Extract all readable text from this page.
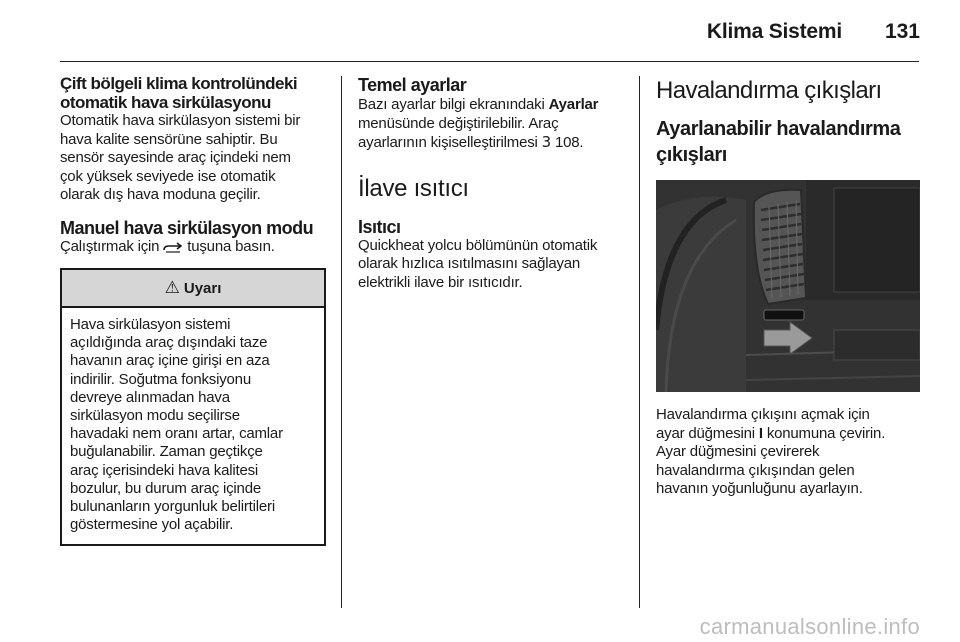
Klima Sistemi 131
Çift bölgeli klima kontrolündeki
otomatik hava sirkülasyonu

Otomatik hava sirkülasyon sistemi bir
hava kalite sensörüne sahiptir. Bu
sensör sayesinde araç içindeki nem
çok yüksek seviyede ise otomatik
olarak dış hava moduna geçilir.

Manuel hava sirkülasyon modu

Çalıştırmak için tuşuna basın.

⚠ Uyarı

Hava sirkülasyon sistemi
açıldığında araç dışındaki taze
havanın araç içine girişi en aza
indirilir. Soğutma fonksiyonu
devreye alınmadan hava
sirkülasyon modu seçilirse
havadaki nem oranı artar, camlar
buğulanabilir. Zaman geçtikçe
araç içerisindeki hava kalitesi
bozulur, bu durum araç içinde
bulunanların yorgunluk belirtileri
göstermesine yol açabilir.

Temel ayarlar

Bazı ayarlar bilgi ekranındaki Ayarlar
menüsünde değiştirilebilir. Araç
ayarlarının kişiselleştirilmesi 3 108.

İlave ısıtıcı
Isıtıcı

Quickheat yolcu bölümünün otomatik
olarak hızlıca ısıtılmasını sağlayan
elektrikli ilave bir ısıtıcıdır.

Havalandırma çıkışları
Ayarlanabilir havalandırma
çıkışları

Havalandırma çıkışını açmak için
ayar düğmesini I konumuna çevirin.
Ayar düğmesini çevirerek
havalandırma çıkışından gelen
havanın yoğunluğunu ayarlayın.

carmanualsonline.info
